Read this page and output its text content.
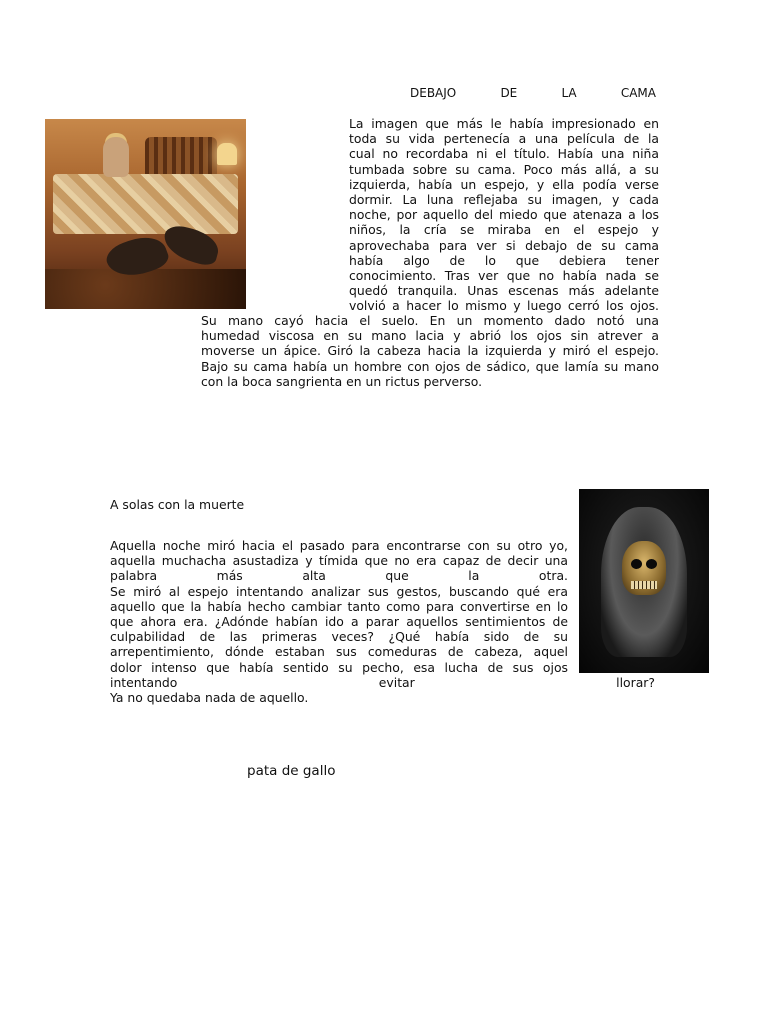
DEBAJO	DE	LA	CAMA
La imagen que más le había impresionado en
toda su vida pertenecía a una película de la
cual no recordaba ni el título. Había una niña
tumbada sobre su cama. Poco más allá, a su
izquierda, había un espejo, y ella podía verse
dormir. La luna reflejaba su imagen, y cada
noche, por aquello del miedo que atenaza a los
niños, la cría se miraba en el espejo y
aprovechaba para ver si debajo de su cama
había algo de lo que debiera tener
conocimiento. Tras ver que no había nada se
quedó tranquila. Unas escenas más adelante
volvió a hacer lo mismo y luego cerró los ojos.
Su mano cayó hacia el suelo. En un momento dado notó una
humedad viscosa en su mano lacia y abrió los ojos sin atrever a
moverse un ápice. Giró la cabeza hacia la izquierda y miró el espejo.
Bajo su cama había un hombre con ojos de sádico, que lamía su mano
con la boca sangrienta en un rictus perverso.
A solas con la muerte
Aquella noche miró hacia el pasado para encontrarse con su otro yo,
aquella muchacha asustadiza y tímida que no era capaz de decir una
palabra más alta que la otra.
Se miró al espejo intentando analizar sus gestos, buscando qué era
aquello que la había hecho cambiar tanto como para convertirse en lo
que ahora era. ¿Adónde habían ido a parar aquellos sentimientos de
culpabilidad de las primeras veces? ¿Qué había sido de su
arrepentimiento, dónde estaban sus comeduras de cabeza, aquel
dolor intenso que había sentido su pecho, esa lucha de sus ojos
intentando	evitar	llorar?
Ya no quedaba nada de aquello.
pata de gallo
